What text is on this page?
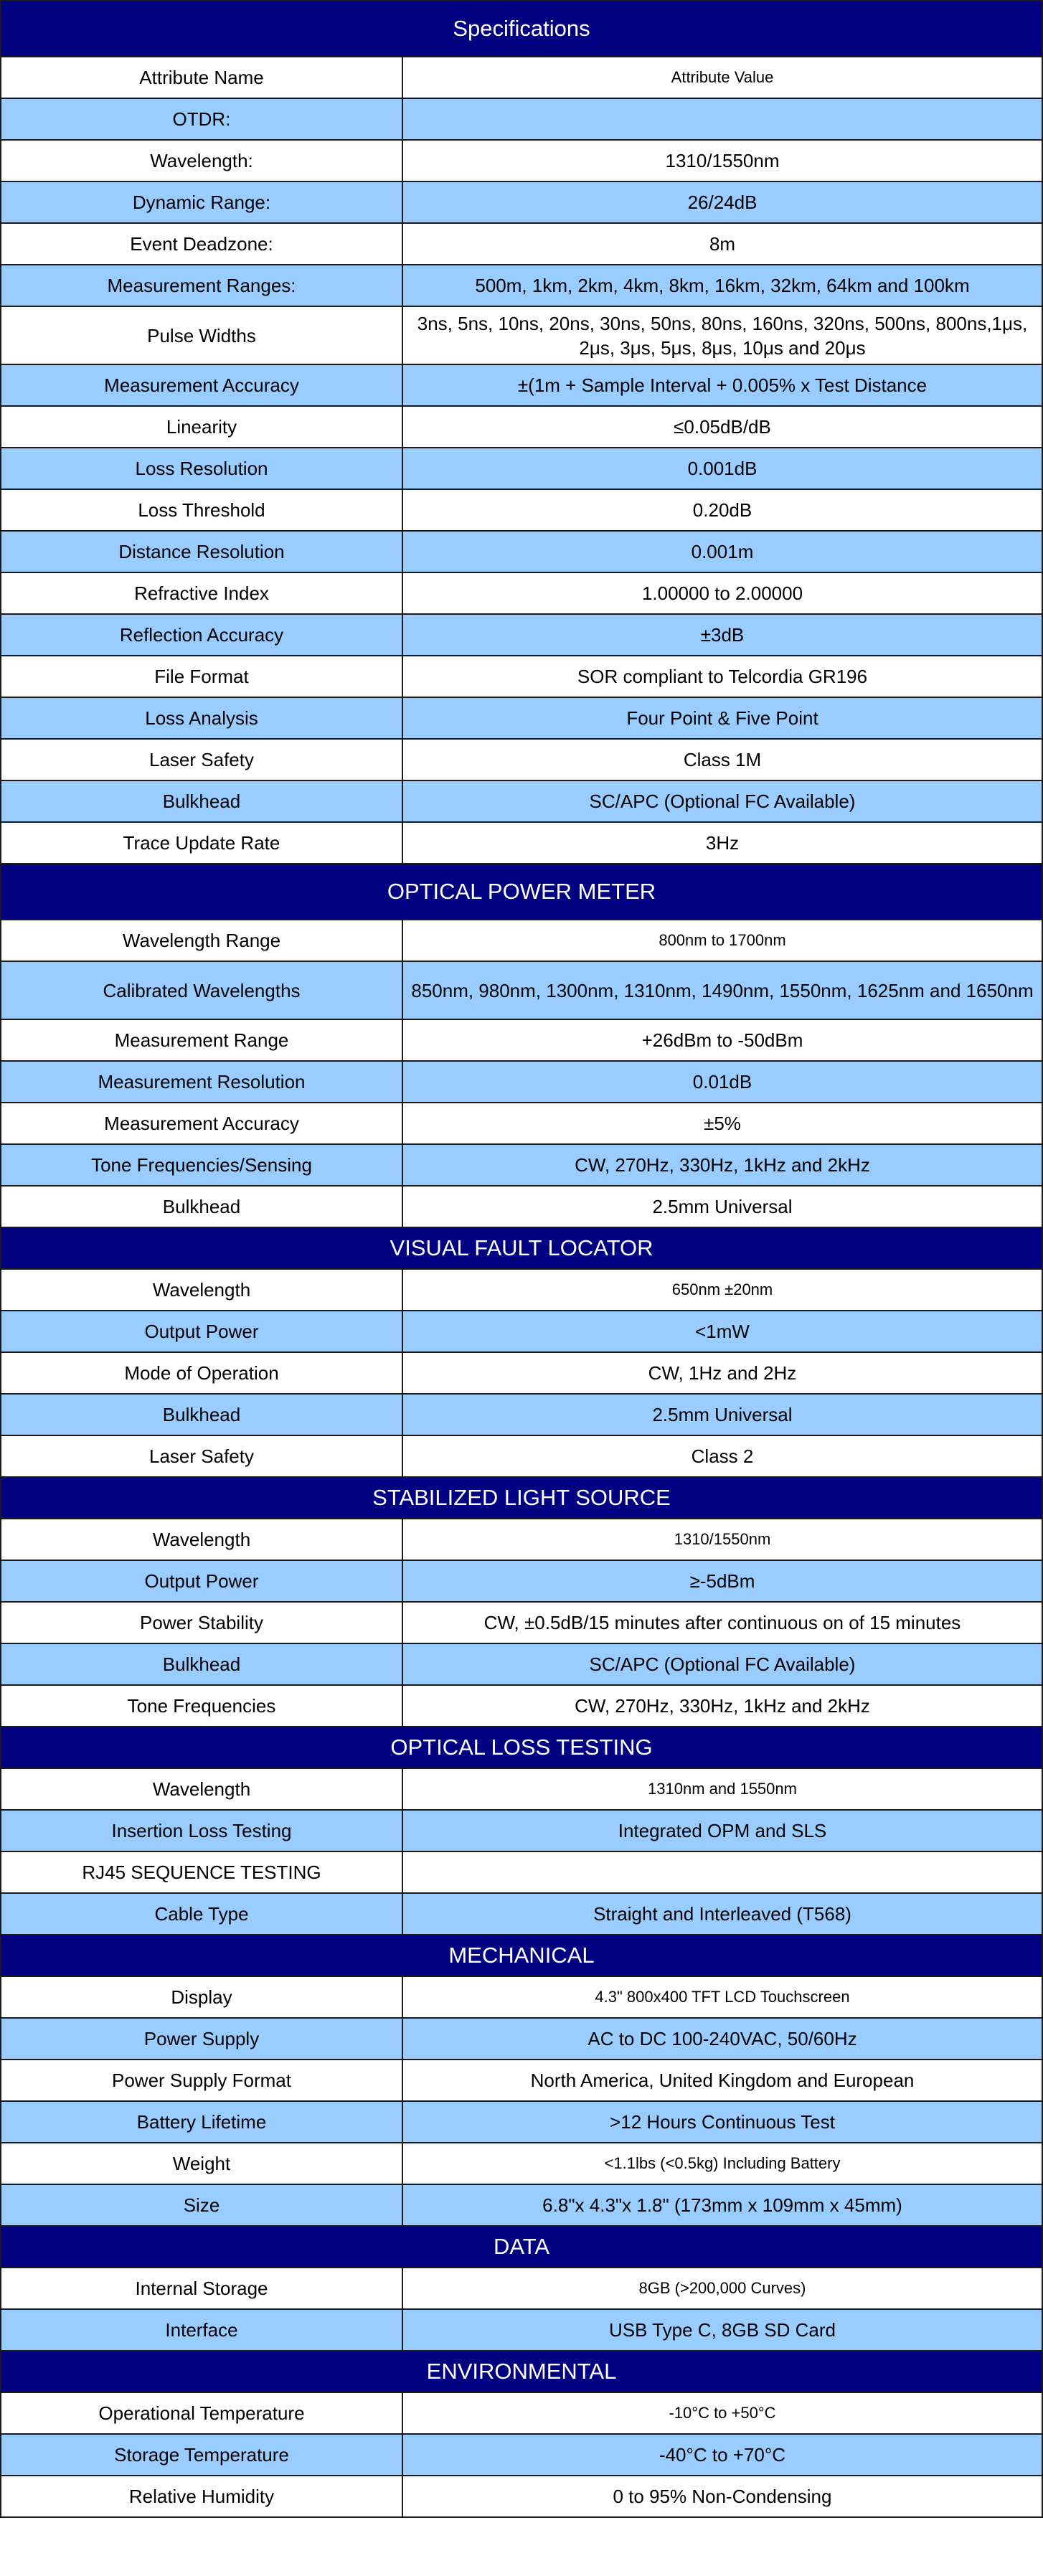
Specifications	
Attribute Name	Attribute Value
OTDR:	
Wavelength:	1310/1550nm
Dynamic Range:	26/24dB
Event Deadzone:	8m
Measurement Ranges:	500m, 1km, 2km, 4km, 8km, 16km, 32km, 64km and 100km
Pulse Widths	3ns, 5ns, 10ns, 20ns, 30ns, 50ns, 80ns, 160ns, 320ns, 500ns, 800ns,1μs, 2μs, 3μs, 5μs, 8μs, 10μs and 20μs
Measurement Accuracy	±(1m + Sample Interval + 0.005% x Test Distance
Linearity	≤0.05dB/dB
Loss Resolution	0.001dB
Loss Threshold	0.20dB
Distance Resolution	0.001m
Refractive Index	1.00000 to 2.00000
Reflection Accuracy	±3dB
File Format	SOR compliant to Telcordia GR196
Loss Analysis	Four Point & Five Point
Laser Safety	Class 1M
Bulkhead	SC/APC (Optional FC Available)
Trace Update Rate	3Hz
OPTICAL POWER METER	
Wavelength Range	800nm to 1700nm
Calibrated Wavelengths	850nm, 980nm, 1300nm, 1310nm, 1490nm, 1550nm, 1625nm and 1650nm
Measurement Range	+26dBm to -50dBm
Measurement Resolution	0.01dB
Measurement Accuracy	±5%
Tone Frequencies/Sensing	CW, 270Hz, 330Hz, 1kHz and 2kHz
Bulkhead	2.5mm Universal
VISUAL FAULT LOCATOR	
Wavelength	650nm ±20nm
Output Power	<1mW
Mode of Operation	CW, 1Hz and 2Hz
Bulkhead	2.5mm Universal
Laser Safety	Class 2
STABILIZED LIGHT SOURCE	
Wavelength	1310/1550nm
Output Power	≥-5dBm
Power Stability	CW, ±0.5dB/15 minutes after continuous on of 15 minutes
Bulkhead	SC/APC (Optional FC Available)
Tone Frequencies	CW, 270Hz, 330Hz, 1kHz and 2kHz
OPTICAL LOSS TESTING	
Wavelength	1310nm and 1550nm
Insertion Loss Testing	Integrated OPM and SLS
RJ45 SEQUENCE TESTING	
Cable Type	Straight and Interleaved (T568)
MECHANICAL	
Display	4.3" 800x400 TFT LCD Touchscreen
Power Supply	AC to DC 100-240VAC, 50/60Hz
Power Supply Format	North America, United Kingdom and European
Battery Lifetime	>12 Hours Continuous Test
Weight	<1.1lbs (<0.5kg) Including Battery
Size	6.8"x 4.3"x 1.8" (173mm x 109mm x 45mm)
DATA	
Internal Storage	8GB (>200,000 Curves)
Interface	USB Type C, 8GB SD Card
ENVIRONMENTAL	
Operational Temperature	-10°C to +50°C
Storage Temperature	-40°C to +70°C
Relative Humidity	0 to 95% Non-Condensing
